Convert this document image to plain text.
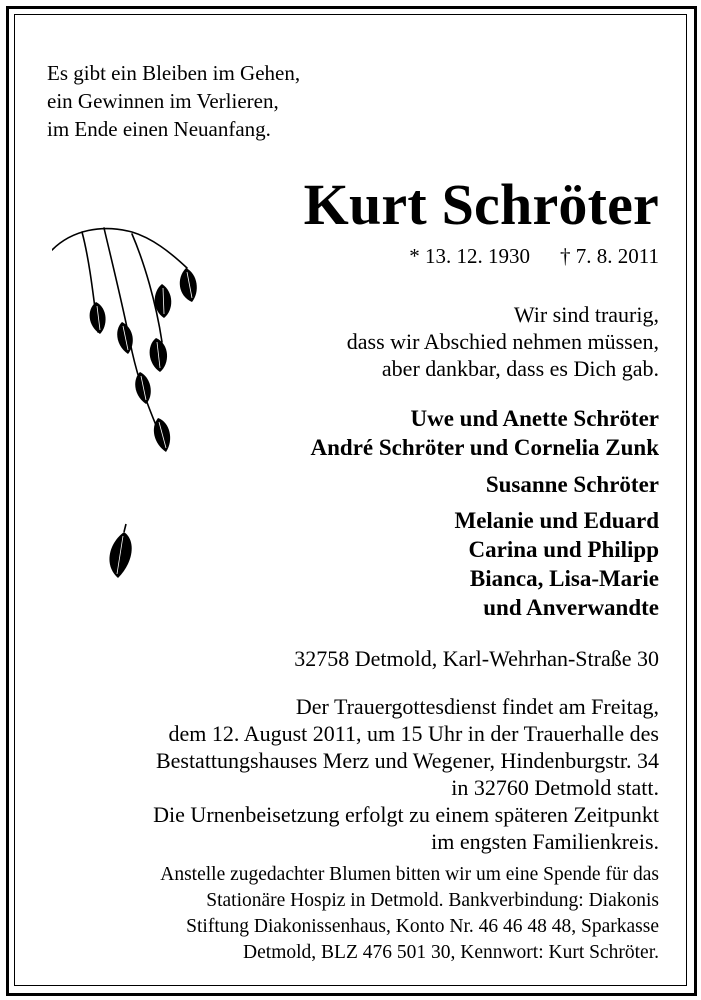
Es gibt ein Bleiben im Gehen,
ein Gewinnen im Verlieren,
im Ende einen Neuanfang.
Kurt Schröter
* 13. 12. 1930 † 7. 8. 2011
Wir sind traurig,
dass wir Abschied nehmen müssen,
aber dankbar, dass es Dich gab.
Uwe und Anette Schröter
André Schröter und Cornelia Zunk
Susanne Schröter
Melanie und Eduard
Carina und Philipp
Bianca, Lisa-Marie
und Anverwandte
32758 Detmold, Karl-Wehrhan-Straße 30
Der Trauergottesdienst findet am Freitag,
dem 12. August 2011, um 15 Uhr in der Trauerhalle des
Bestattungshauses Merz und Wegener, Hindenburgstr. 34
in 32760 Detmold statt.
Die Urnenbeisetzung erfolgt zu einem späteren Zeitpunkt
im engsten Familienkreis.
Anstelle zugedachter Blumen bitten wir um eine Spende für das
Stationäre Hospiz in Detmold. Bankverbindung: Diakonis
Stiftung Diakonissenhaus, Konto Nr. 46 46 48 48, Sparkasse
Detmold, BLZ 476 501 30, Kennwort: Kurt Schröter.
